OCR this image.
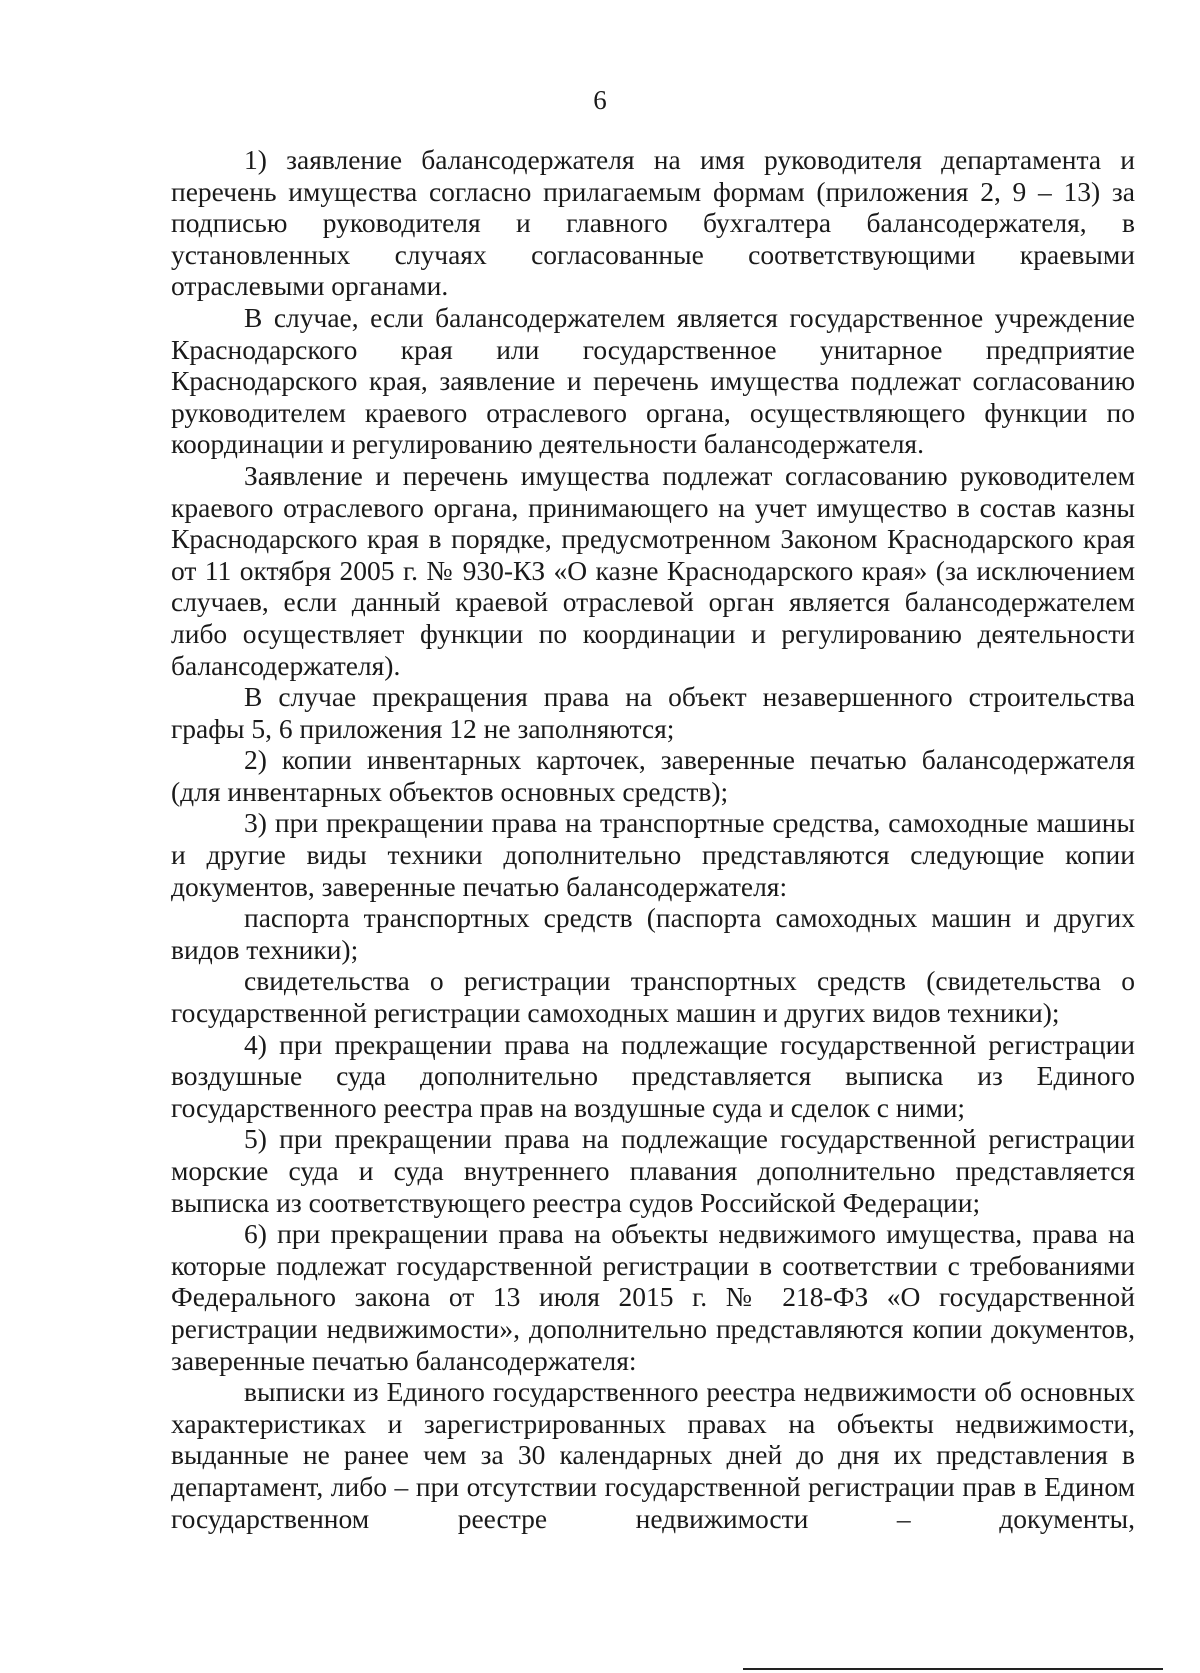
6

1) заявление балансодержателя на имя руководителя департамента и перечень имущества согласно прилагаемым формам (приложения 2, 9 – 13) за подписью руководителя и главного бухгалтера балансодержателя, в установленных случаях согласованные соответствующими краевыми отраслевыми органами.

В случае, если балансодержателем является государственное учреждение Краснодарского края или государственное унитарное предприятие Краснодарского края, заявление и перечень имущества подлежат согласованию руководителем краевого отраслевого органа, осуществляющего функции по координации и регулированию деятельности балансодержателя.

Заявление и перечень имущества подлежат согласованию руководителем краевого отраслевого органа, принимающего на учет имущество в состав казны Краснодарского края в порядке, предусмотренном Законом Краснодарского края от 11 октября 2005 г. № 930-КЗ «О казне Краснодарского края» (за исключением случаев, если данный краевой отраслевой орган является балансодержателем либо осуществляет функции по координации и регулированию деятельности балансодержателя).

В случае прекращения права на объект незавершенного строительства графы 5, 6 приложения 12 не заполняются;

2) копии инвентарных карточек, заверенные печатью балансодержателя (для инвентарных объектов основных средств);

3) при прекращении права на транспортные средства, самоходные машины и другие виды техники дополнительно представляются следующие копии документов, заверенные печатью балансодержателя:

паспорта транспортных средств (паспорта самоходных машин и других видов техники);

свидетельства о регистрации транспортных средств (свидетельства о государственной регистрации самоходных машин и других видов техники);

4) при прекращении права на подлежащие государственной регистрации воздушные суда дополнительно представляется выписка из Единого государственного реестра прав на воздушные суда и сделок с ними;

5) при прекращении права на подлежащие государственной регистрации морские суда и суда внутреннего плавания дополнительно представляется выписка из соответствующего реестра судов Российской Федерации;

6) при прекращении права на объекты недвижимого имущества, права на которые подлежат государственной регистрации в соответствии с требованиями Федерального закона от 13 июля 2015 г. № 218-ФЗ «О государственной регистрации недвижимости», дополнительно представляются копии документов, заверенные печатью балансодержателя:

выписки из Единого государственного реестра недвижимости об основных характеристиках и зарегистрированных правах на объекты недвижимости, выданные не ранее чем за 30 календарных дней до дня их представления в департамент, либо – при отсутствии государственной регистрации прав в Едином государственном реестре недвижимости – документы,
